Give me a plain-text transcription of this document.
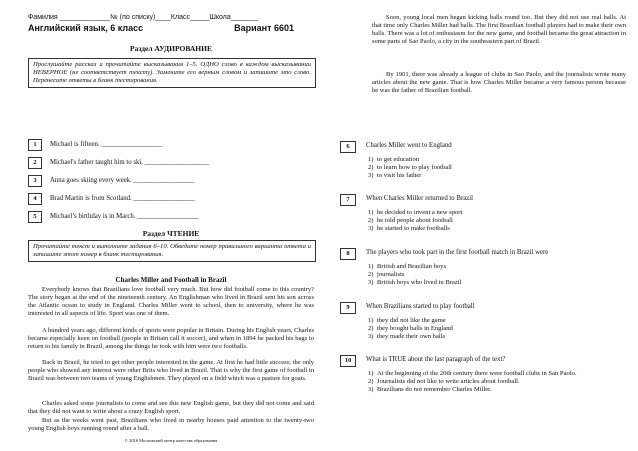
Фамилия _____________№ (по списку)____Класс_____Школа_______
Английский язык, 6 класс	Вариант 6601
Раздел АУДИРОВАНИЕ
Прослушайте рассказ и прочитайте высказывания 1–5. ОДНО слово в каждом высказывании НЕВЕРНОЕ (не соответствует тексту). Замените его верным словом и запишите это слово. Перенесите ответы в бланк тестирования.
1	Michael is fifteen. __________________
2	Michael's father taught him to ski. ___________________
3	Anna goes skiing every week. __________________
4	Brad Martin is from Scotland. __________________
5	Michael’s birthday is in March. __________________
Раздел ЧТЕНИЕ
Прочитайте текст и выполните задания 6–10. Обведите номер правильного варианта ответа и запишите этот номер в бланк тестирования.
Charles Miller and Football in Brazil
Everybody knows that Brazilians love football very much. But how did football come to this country? The story began at the end of the nineteenth century. An Englishman who lived in Brazil sent his son across the Atlantic ocean to study in England. Charles Miller went to school, then to university, where he was interested in all aspects of life. Sport was one of them.
A hundred years ago, different kinds of sports were popular in Britain. During his English years, Charles became especially keen on football (people in Britain call it soccer), and when in 1894 he packed his bags to return to his family in Brazil, among the things he took with him were two footballs.
Back in Brazil, he tried to get other people interested in the game. At first he had little success; the only people who showed any interest were other Brits who lived in Brazil. That is why the first game of football in Brazil was between two teams of young Englishmen. They played on a field which was a pasture for goats.
Charles asked some journalists to come and see this new English game, but they did not come and said that they did not want to write about a crazy English sport.
But as the weeks went past, Brazilians who lived in nearby houses paid attention to the twenty-two young English boys running round after a ball.
© 2016 Московский центр качества образования
Soon, young local men began kicking balls round too. But they did not use real balls. At that time only Charles Miller had balls. The first Brazilian football players had to make their own balls. There was a lot of enthusiasm for the new game, and football became the great attraction in some parts of Sao Paolo, a city in the southeastern part of Brazil.
By 1901, there was already a league of clubs in Sao Paolo, and the journalists wrote many articles about the new game. That is how Charles Miller became a very famous person because he was the father of Brazilian football.
6	Charles Miller went to England
1) to get education
2) to learn how to play football
3) to visit his father
7	When Charles Miller returned to Brazil
1) he decided to invent a new sport
2) he told people about football
3) he started to make footballs
8	The players who took part in the first football match in Brazil were
1) British and Brazilian boys
2) journalists
3) British boys who lived in Brazil
9	When Brazilians started to play football
1) they did not like the game
2) they bought balls in England
3) they made their own balls
10	What is TRUE about the last paragraph of the text?
1) At the beginning of the 20th century there were football clubs in San Paolo.
2) Journalists did not like to write articles about football.
3) Brazilians do not remember Charles Miller.
